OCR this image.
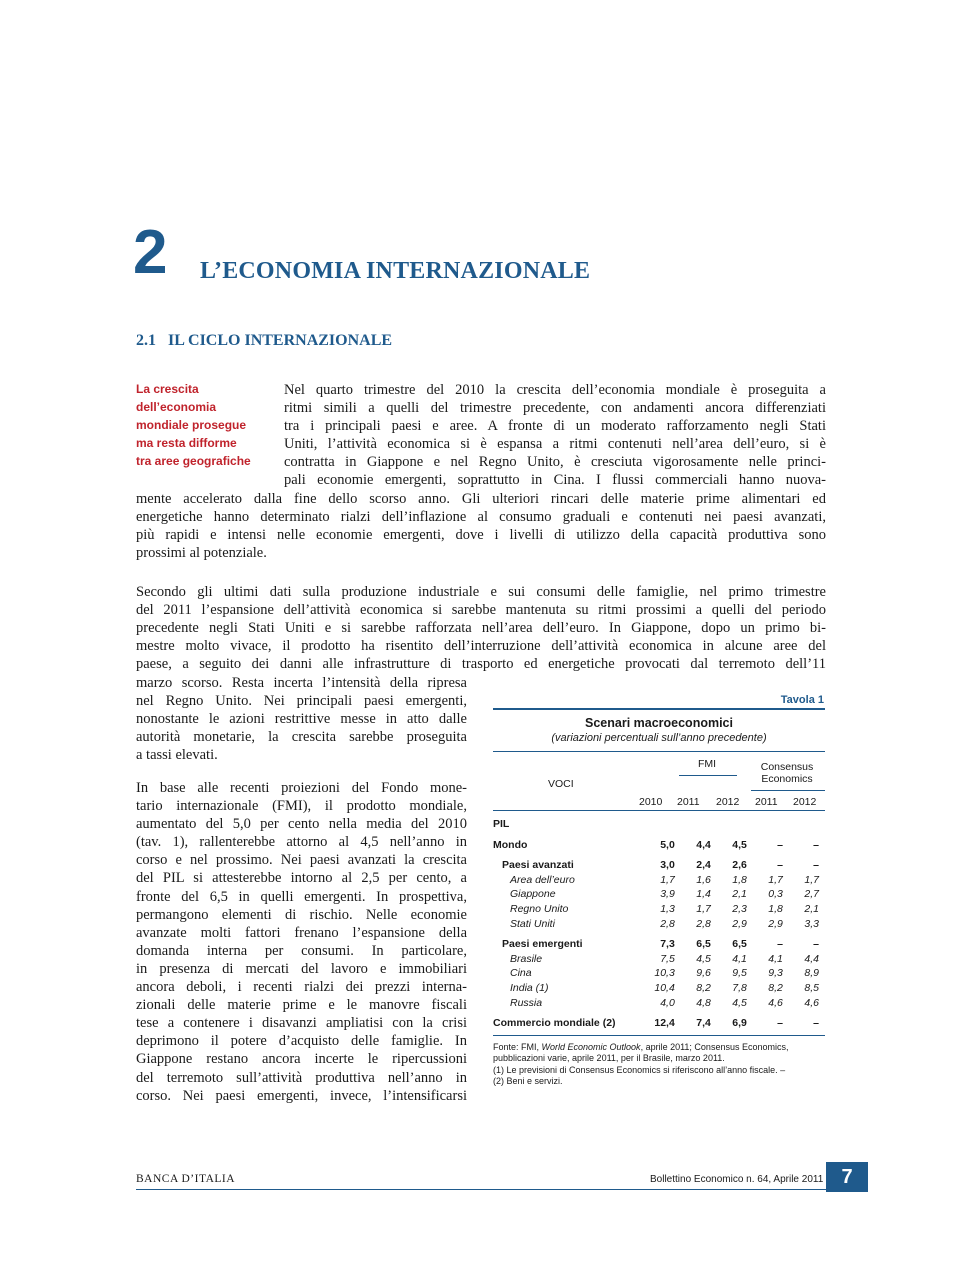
2 L’ECONOMIA INTERNAZIONALE
2.1   IL CICLO INTERNAZIONALE
La crescita
dell’economia
mondiale prosegue
ma resta difforme
tra aree geografiche
Nel quarto trimestre del 2010 la crescita dell’economia mondiale è proseguita a
ritmi simili a quelli del trimestre precedente, con andamenti ancora differenziati
tra i principali paesi e aree. A fronte di un moderato rafforzamento negli Stati
Uniti, l’attività economica si è espansa a ritmi contenuti nell’area dell’euro, si è
contratta in Giappone e nel Regno Unito, è cresciuta vigorosamente nelle princi-
pali economie emergenti, soprattutto in Cina. I flussi commerciali hanno nuova-
mente accelerato dalla fine dello scorso anno. Gli ulteriori rincari delle materie prime alimentari ed
energetiche hanno determinato rialzi dell’inflazione al consumo graduali e contenuti nei paesi avanzati,
più rapidi e intensi nelle economie emergenti, dove i livelli di utilizzo della capacità produttiva sono
prossimi al potenziale.
Secondo gli ultimi dati sulla produzione industriale e sui consumi delle famiglie, nel primo trimestre
del 2011 l’espansione dell’attività economica si sarebbe mantenuta su ritmi prossimi a quelli del periodo
precedente negli Stati Uniti e si sarebbe rafforzata nell’area dell’euro. In Giappone, dopo un primo bi-
mestre molto vivace, il prodotto ha risentito dell’interruzione dell’attività economica in alcune aree del
paese, a seguito dei danni alle infrastrutture di trasporto ed energetiche provocati dal terremoto dell’11
marzo scorso. Resta incerta l’intensità della ripresa
nel Regno Unito. Nei principali paesi emergenti,
nonostante le azioni restrittive messe in atto dalle
autorità monetarie, la crescita sarebbe proseguita
a tassi elevati.
In base alle recenti proiezioni del Fondo mone-
tario internazionale (FMI), il prodotto mondiale,
aumentato del 5,0 per cento nella media del 2010
(tav. 1), rallenterebbe attorno al 4,5 nell’anno in
corso e nel prossimo. Nei paesi avanzati la crescita
del PIL si attesterebbe intorno al 2,5 per cento, a
fronte del 6,5 in quelli emergenti. In prospettiva,
permangono elementi di rischio. Nelle economie
avanzate molti fattori frenano l’espansione della
domanda interna per consumi. In particolare,
in presenza di mercati del lavoro e immobiliari
ancora deboli, i recenti rialzi dei prezzi interna-
zionali delle materie prime e le manovre fiscali
tese a contenere i disavanzi ampliatisi con la crisi
deprimono il potere d’acquisto delle famiglie. In
Giappone restano ancora incerte le ripercussioni
del terremoto sull’attività produttiva nell’anno in
corso. Nei paesi emergenti, invece, l’intensificarsi
Tavola 1
Scenari macroeconomici
(variazioni percentuali sull’anno precedente)
VOCI
FMI	Consensus
Economics
2010 2011 2012 2011 2012

PIL					

Mondo	5,0	4,4	4,5	–	–

Paesi avanzati	3,0	2,4	2,6	–	–
Area dell’euro	1,7	1,6	1,8	1,7	1,7
Giappone	3,9	1,4	2,1	0,3	2,7
Regno Unito	1,3	1,7	2,3	1,8	2,1
Stati Uniti	2,8	2,8	2,9	2,9	3,3

Paesi emergenti	7,3	6,5	6,5	–	–
Brasile	7,5	4,5	4,1	4,1	4,4
Cina	10,3	9,6	9,5	9,3	8,9
India (1)	10,4	8,2	7,8	8,2	8,5
Russia	4,0	4,8	4,5	4,6	4,6

Commercio mondiale (2)	12,4	7,4	6,9	–	–
Fonte: FMI, World Economic Outlook, aprile 2011; Consensus Economics,
pubblicazioni varie, aprile 2011, per il Brasile, marzo 2011.
(1) Le previsioni di Consensus Economics si riferiscono all’anno fiscale. –
(2) Beni e servizi.
BANCA D’ITALIA	Bollettino Economico n. 64, Aprile 2011 7
